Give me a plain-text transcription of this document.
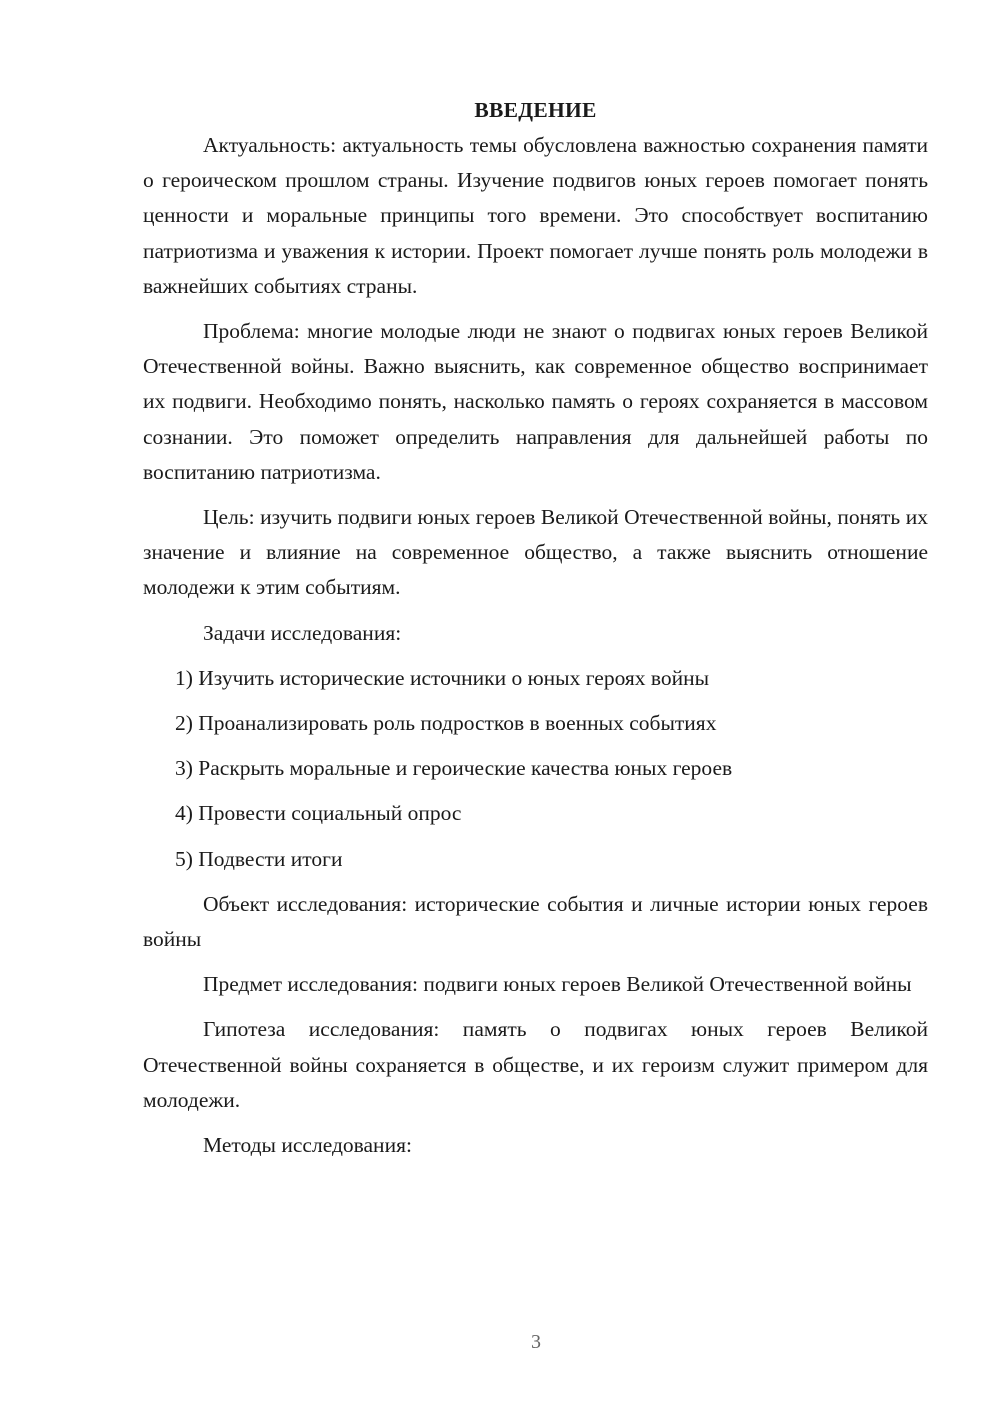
ВВЕДЕНИЕ

Актуальность: актуальность темы обусловлена важностью сохранения памяти о героическом прошлом страны. Изучение подвигов юных героев помогает понять ценности и моральные принципы того времени. Это способствует воспитанию патриотизма и уважения к истории. Проект помогает лучше понять роль молодежи в важнейших событиях страны.

Проблема: многие молодые люди не знают о подвигах юных героев Великой Отечественной войны. Важно выяснить, как современное общество воспринимает их подвиги. Необходимо понять, насколько память о героях сохраняется в массовом сознании. Это поможет определить направления для дальнейшей работы по воспитанию патриотизма.

Цель: изучить подвиги юных героев Великой Отечественной войны, понять их значение и влияние на современное общество, а также выяснить отношение молодежи к этим событиям.

Задачи исследования:

1) Изучить исторические источники о юных героях войны
2) Проанализировать роль подростков в военных событиях
3) Раскрыть моральные и героические качества юных героев
4) Провести социальный опрос
5) Подвести итоги

Объект исследования: исторические события и личные истории юных героев войны

Предмет исследования: подвиги юных героев Великой Отечественной войны

Гипотеза исследования: память о подвигах юных героев Великой Отечественной войны сохраняется в обществе, и их героизм служит примером для молодежи.

Методы исследования:

3
